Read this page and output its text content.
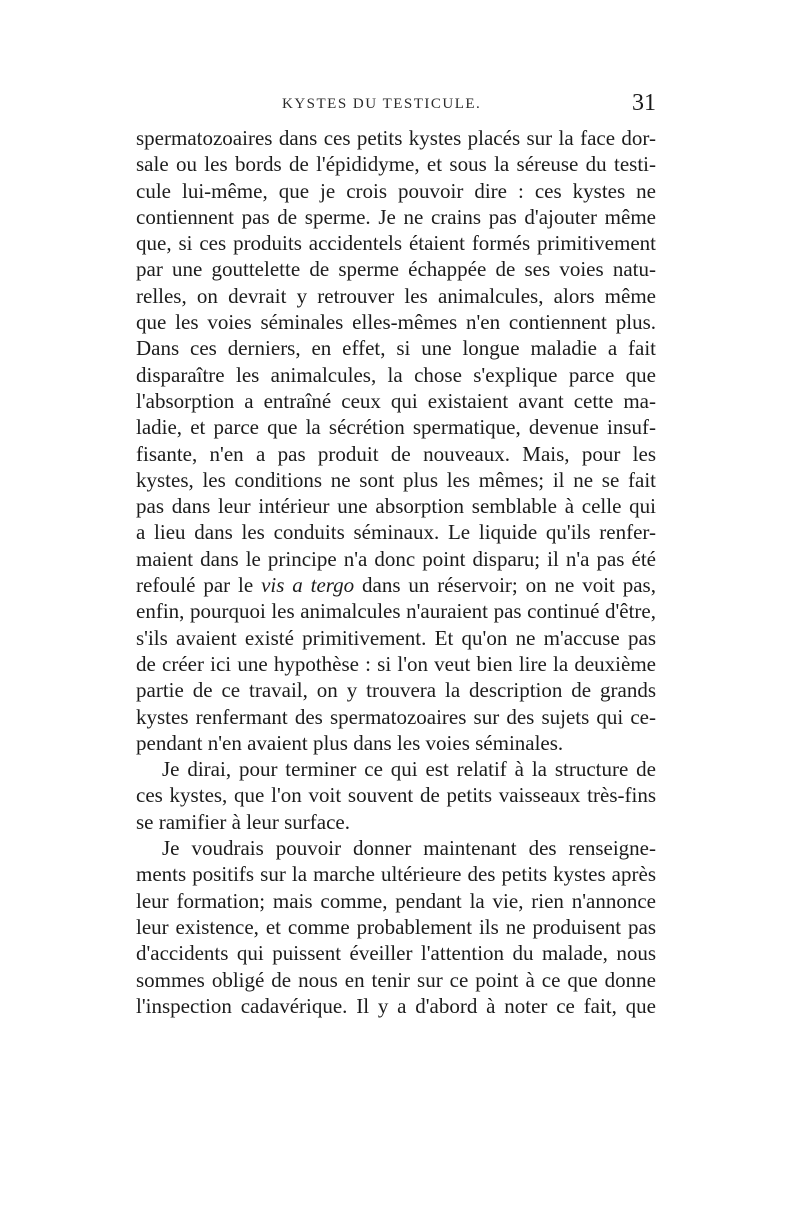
KYSTES DU TESTICULE.	31
spermatozoaires dans ces petits kystes placés sur la face dor-
sale ou les bords de l'épididyme, et sous la séreuse du testi-
cule lui-même, que je crois pouvoir dire : ces kystes ne
contiennent pas de sperme. Je ne crains pas d'ajouter même
que, si ces produits accidentels étaient formés primitivement
par une gouttelette de sperme échappée de ses voies natu-
relles, on devrait y retrouver les animalcules, alors même
que les voies séminales elles-mêmes n'en contiennent plus.
Dans ces derniers, en effet, si une longue maladie a fait
disparaître les animalcules, la chose s'explique parce que
l'absorption a entraîné ceux qui existaient avant cette ma-
ladie, et parce que la sécrétion spermatique, devenue insuf-
fisante, n'en a pas produit de nouveaux. Mais, pour les
kystes, les conditions ne sont plus les mêmes; il ne se fait
pas dans leur intérieur une absorption semblable à celle qui
a lieu dans les conduits séminaux. Le liquide qu'ils renfer-
maient dans le principe n'a donc point disparu; il n'a pas été
refoulé par le vis a tergo dans un réservoir; on ne voit pas,
enfin, pourquoi les animalcules n'auraient pas continué d'être,
s'ils avaient existé primitivement. Et qu'on ne m'accuse pas
de créer ici une hypothèse : si l'on veut bien lire la deuxième
partie de ce travail, on y trouvera la description de grands
kystes renfermant des spermatozoaires sur des sujets qui ce-
pendant n'en avaient plus dans les voies séminales.
Je dirai, pour terminer ce qui est relatif à la structure de
ces kystes, que l'on voit souvent de petits vaisseaux très-fins
se ramifier à leur surface.
Je voudrais pouvoir donner maintenant des renseigne-
ments positifs sur la marche ultérieure des petits kystes après
leur formation; mais comme, pendant la vie, rien n'annonce
leur existence, et comme probablement ils ne produisent pas
d'accidents qui puissent éveiller l'attention du malade, nous
sommes obligé de nous en tenir sur ce point à ce que donne
l'inspection cadavérique. Il y a d'abord à noter ce fait, que
